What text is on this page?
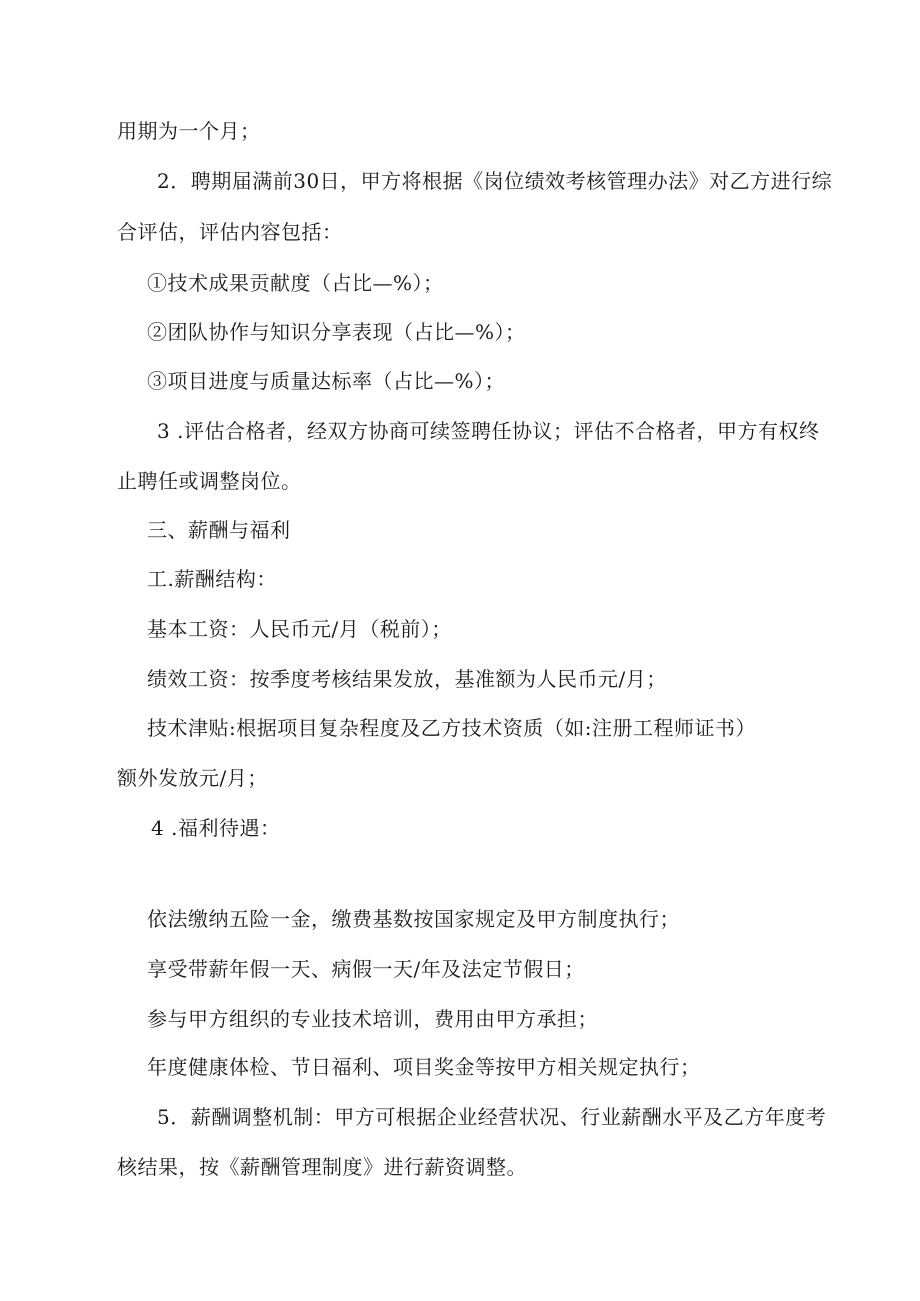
用期为一个月；
2．聘期届满前30日，甲方将根据《岗位绩效考核管理办法》对乙方进行综
合评估，评估内容包括：
①技术成果贡献度（占比—%）；
②团队协作与知识分享表现（占比—%）；
③项目进度与质量达标率（占比—%）；
3 .评估合格者，经双方协商可续签聘任协议；评估不合格者，甲方有权终
止聘任或调整岗位。
三、薪酬与福利
工.薪酬结构：
基本工资：人民币元/月（税前）；
绩效工资：按季度考核结果发放，基准额为人民币元/月；
技术津贴:根据项目复杂程度及乙方技术资质（如:注册工程师证书）
额外发放元/月；
4 .福利待遇：
依法缴纳五险一金，缴费基数按国家规定及甲方制度执行；
享受带薪年假一天、病假一天/年及法定节假日；
参与甲方组织的专业技术培训，费用由甲方承担；
年度健康体检、节日福利、项目奖金等按甲方相关规定执行；
5．薪酬调整机制：甲方可根据企业经营状况、行业薪酬水平及乙方年度考
核结果，按《薪酬管理制度》进行薪资调整。
